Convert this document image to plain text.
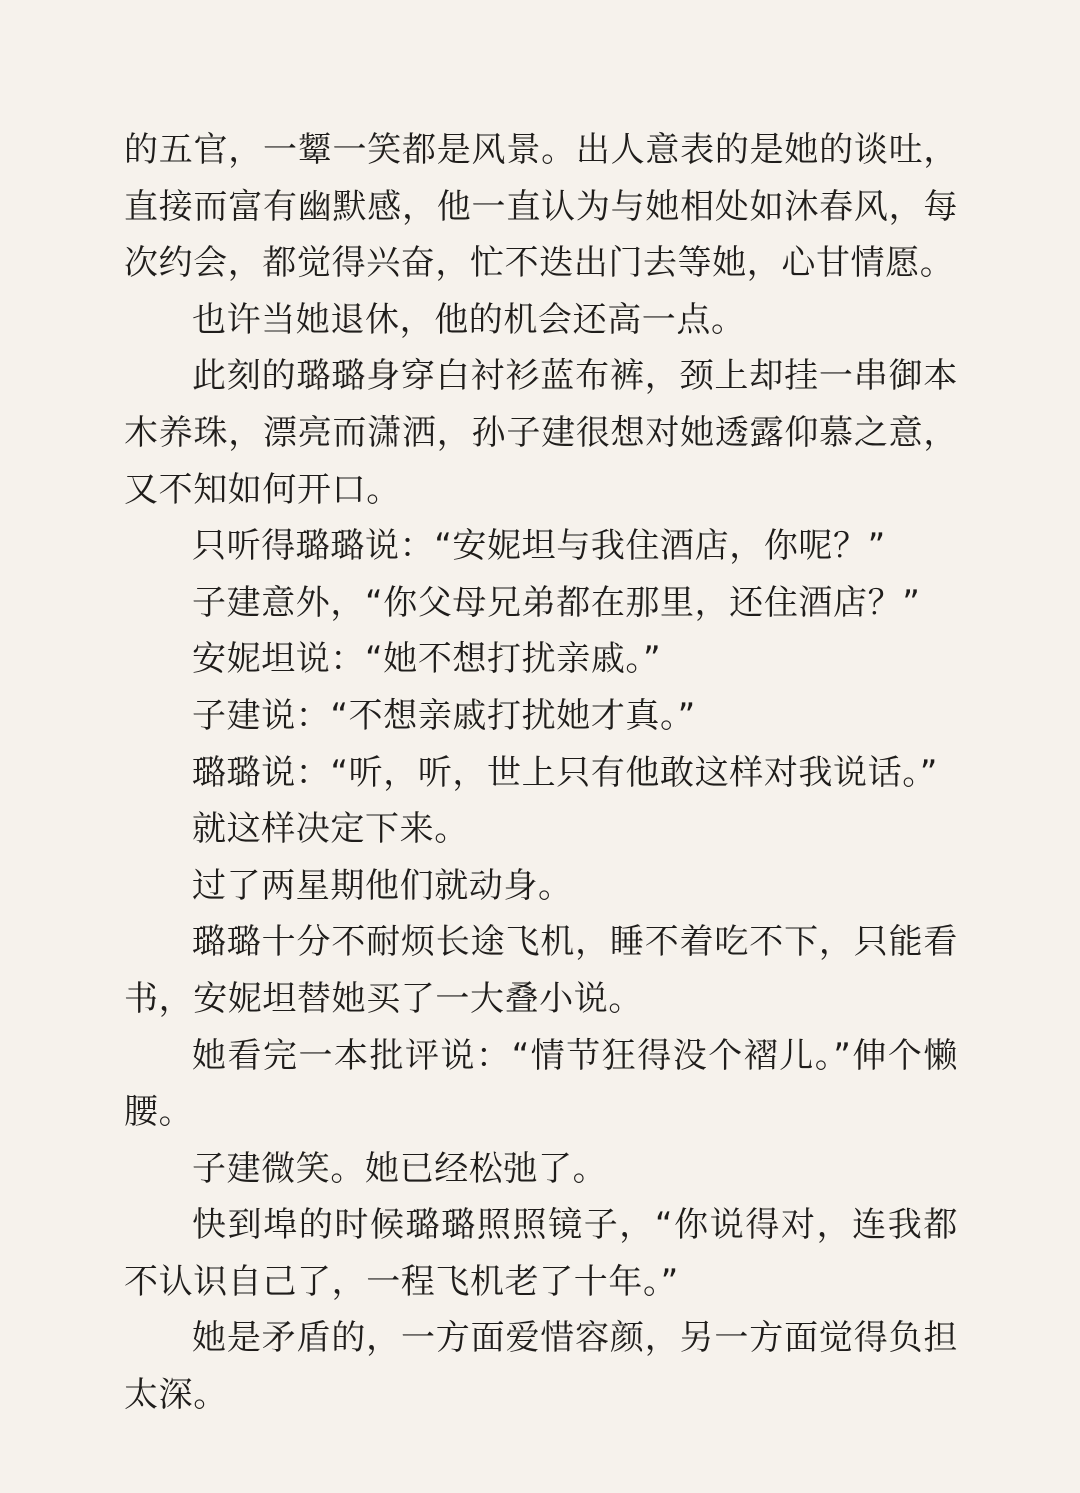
的五官，一颦一笑都是风景。出人意表的是她的谈吐，直接而富有幽默感，他一直认为与她相处如沐春风，每次约会，都觉得兴奋，忙不迭出门去等她，心甘情愿。

也许当她退休，他的机会还高一点。

此刻的璐璐身穿白衬衫蓝布裤，颈上却挂一串御本木养珠，漂亮而潇洒，孙子建很想对她透露仰慕之意，又不知如何开口。

只听得璐璐说：“安妮坦与我住酒店，你呢？”

子建意外，“你父母兄弟都在那里，还住酒店？”

安妮坦说：“她不想打扰亲戚。”

子建说：“不想亲戚打扰她才真。”

璐璐说：“听，听，世上只有他敢这样对我说话。”

就这样决定下来。

过了两星期他们就动身。

璐璐十分不耐烦长途飞机，睡不着吃不下，只能看书，安妮坦替她买了一大叠小说。

她看完一本批评说：“情节狂得没个褶儿。”伸个懒腰。

子建微笑。她已经松弛了。

快到埠的时候璐璐照照镜子，“你说得对，连我都不认识自己了，一程飞机老了十年。”

她是矛盾的，一方面爱惜容颜，另一方面觉得负担太深。
